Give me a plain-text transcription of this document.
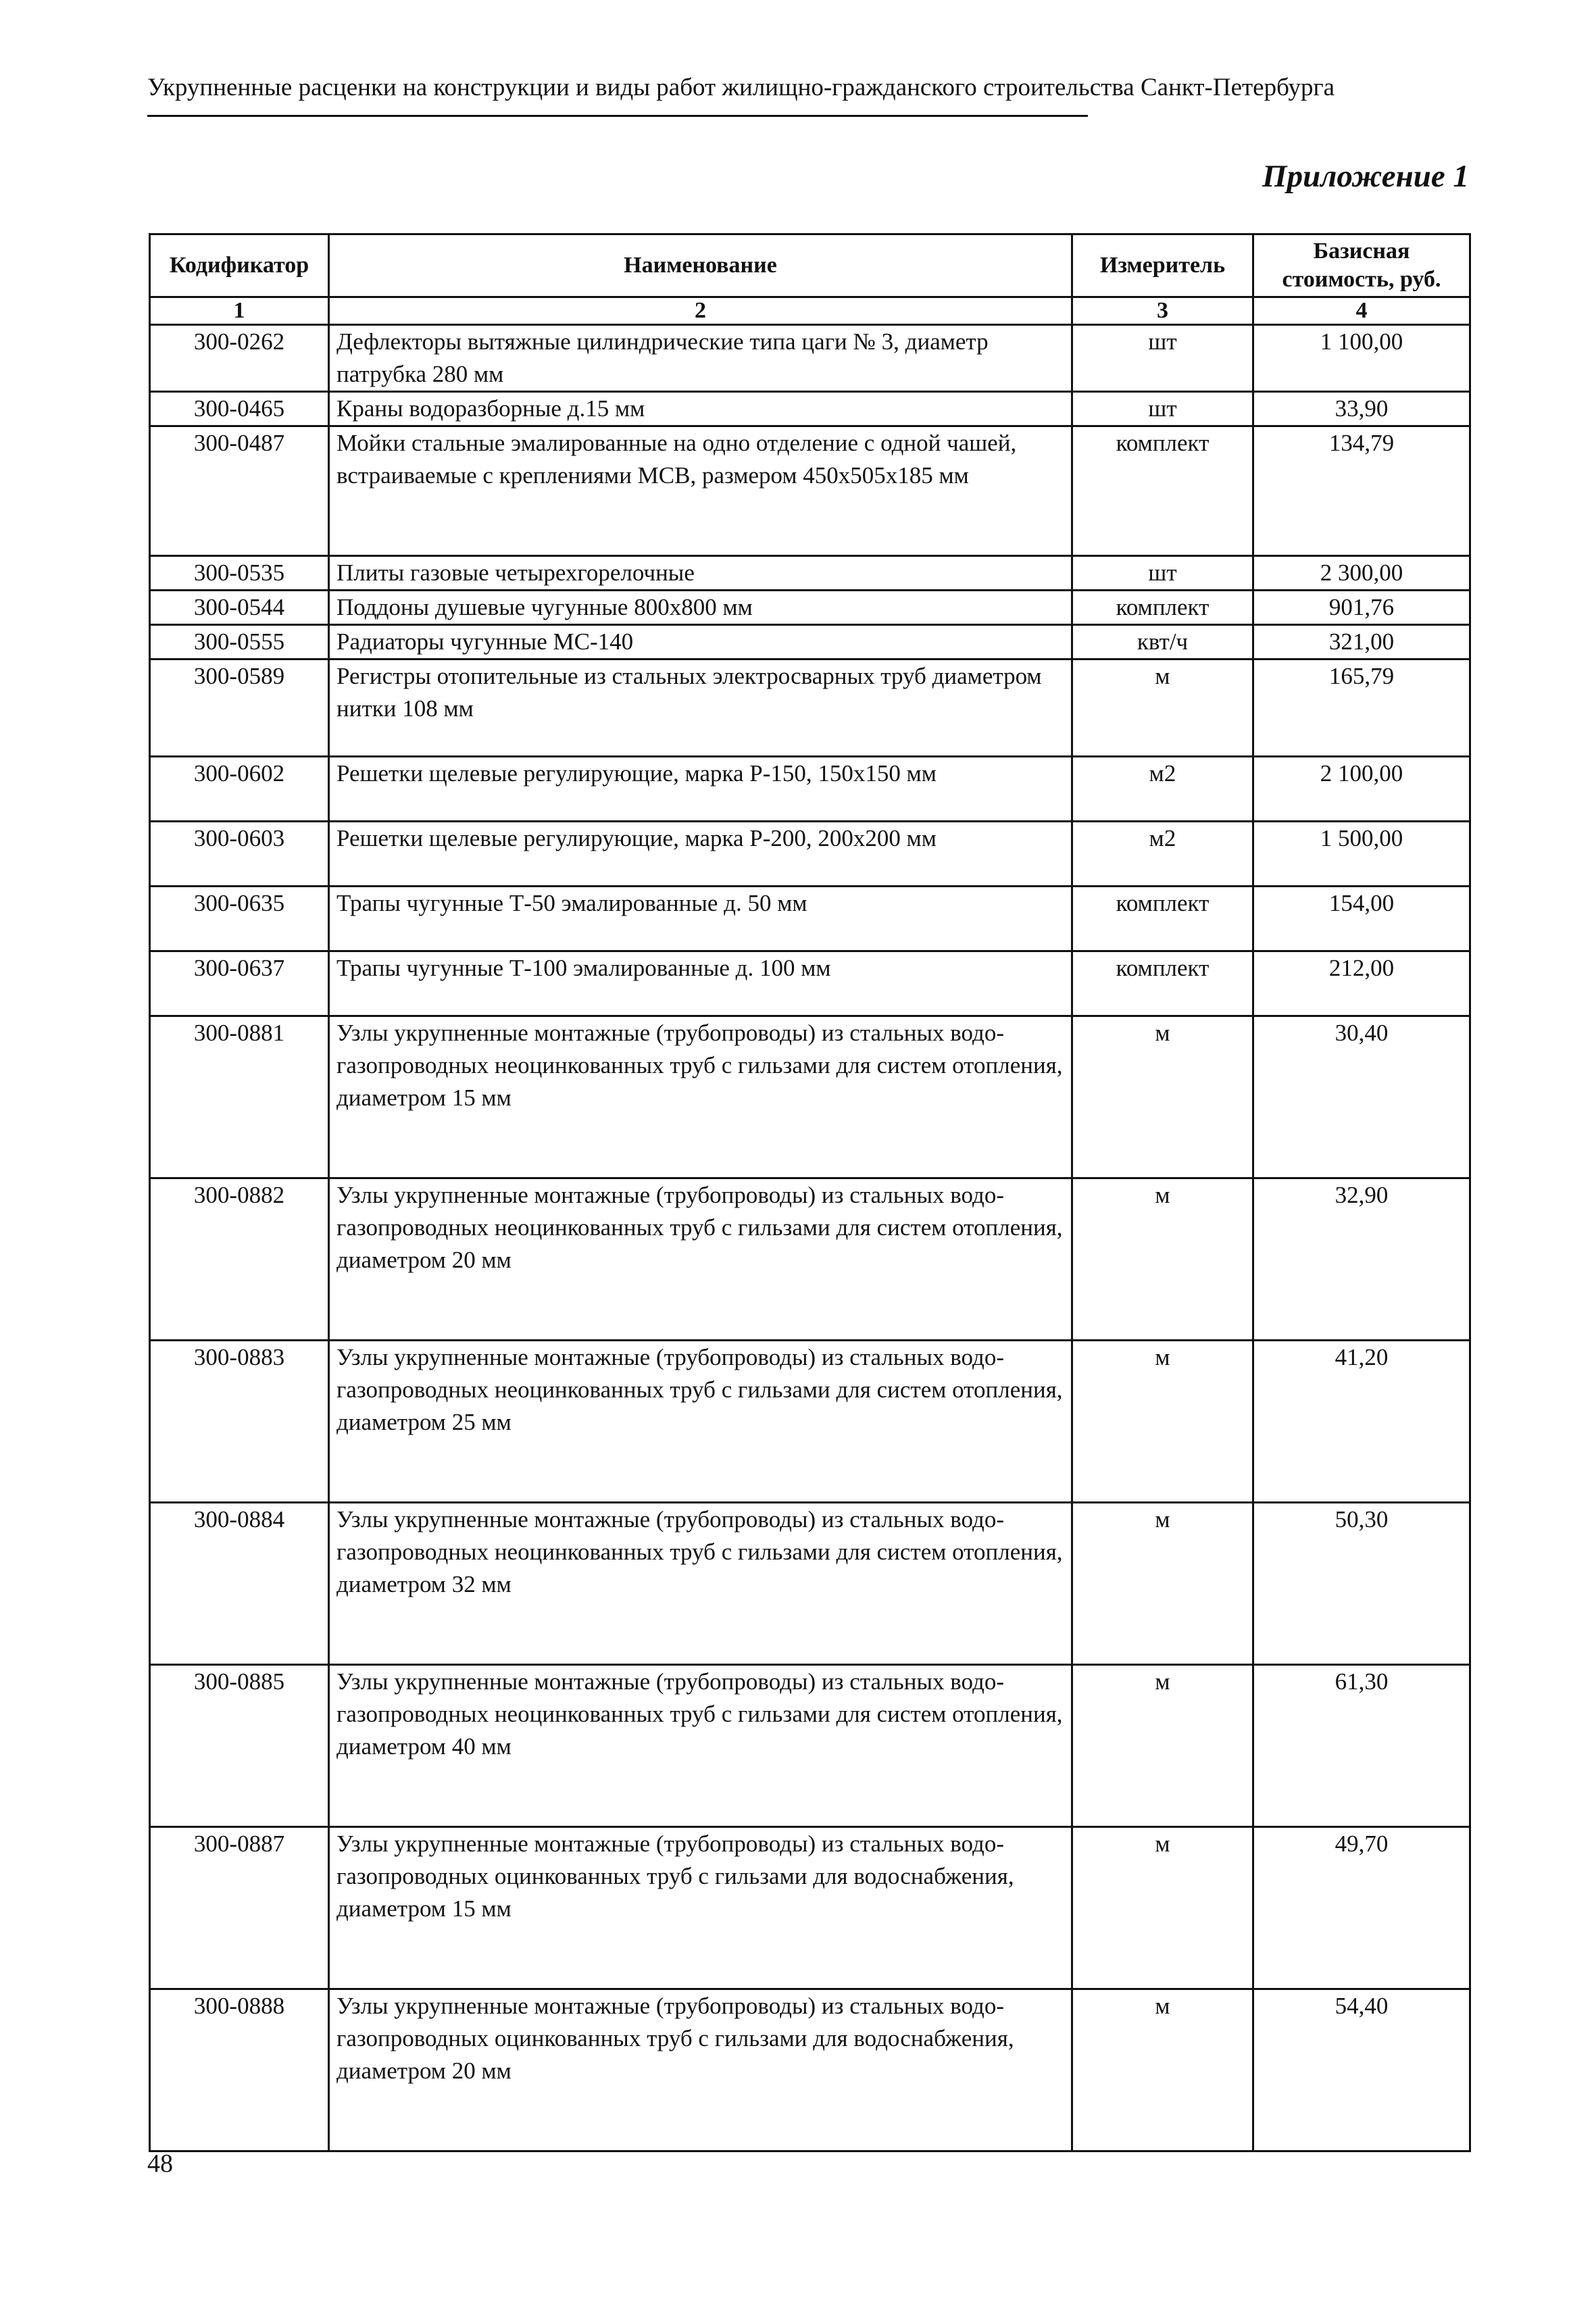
Укрупненные расценки на конструкции и виды работ жилищно-гражданского строительства Санкт-Петербурга
Приложение 1
Кодификатор	Наименование	Измеритель	Базисная стоимость, руб.
1	2	3	4
300-0262	Дефлекторы вытяжные цилиндрические типа цаги № 3, диаметр патрубка 280 мм	шт	1 100,00
300-0465	Краны водоразборные д.15 мм	шт	33,90
300-0487	Мойки стальные эмалированные на одно отделение с одной чашей, встраиваемые с креплениями МСВ, размером 450х505х185 мм	комплект	134,79
300-0535	Плиты газовые четырехгорелочные	шт	2 300,00
300-0544	Поддоны душевые чугунные 800х800 мм	комплект	901,76
300-0555	Радиаторы чугунные МС-140	квт/ч	321,00
300-0589	Регистры отопительные из стальных электросварных труб диаметром нитки 108 мм	м	165,79
300-0602	Решетки щелевые регулирующие, марка Р-150, 150х150 мм	м2	2 100,00
300-0603	Решетки щелевые регулирующие, марка Р-200, 200х200 мм	м2	1 500,00
300-0635	Трапы чугунные Т-50 эмалированные д. 50 мм	комплект	154,00
300-0637	Трапы чугунные Т-100 эмалированные д. 100 мм	комплект	212,00
300-0881	Узлы укрупненные монтажные (трубопроводы) из стальных водо-газопроводных неоцинкованных труб с гильзами для систем отопления, диаметром 15 мм	м	30,40
300-0882	Узлы укрупненные монтажные (трубопроводы) из стальных водо-газопроводных неоцинкованных труб с гильзами для систем отопления, диаметром 20 мм	м	32,90
300-0883	Узлы укрупненные монтажные (трубопроводы) из стальных водо-газопроводных неоцинкованных труб с гильзами для систем отопления, диаметром 25 мм	м	41,20
300-0884	Узлы укрупненные монтажные (трубопроводы) из стальных водо-газопроводных неоцинкованных труб с гильзами для систем отопления, диаметром 32 мм	м	50,30
300-0885	Узлы укрупненные монтажные (трубопроводы) из стальных водо-газопроводных неоцинкованных труб с гильзами для систем отопления, диаметром 40 мм	м	61,30
300-0887	Узлы укрупненные монтажные (трубопроводы) из стальных водо-газопроводных оцинкованных труб с гильзами для водоснабжения, диаметром 15 мм	м	49,70
300-0888	Узлы укрупненные монтажные (трубопроводы) из стальных водо-газопроводных оцинкованных труб с гильзами для водоснабжения, диаметром 20 мм	м	54,40
48
